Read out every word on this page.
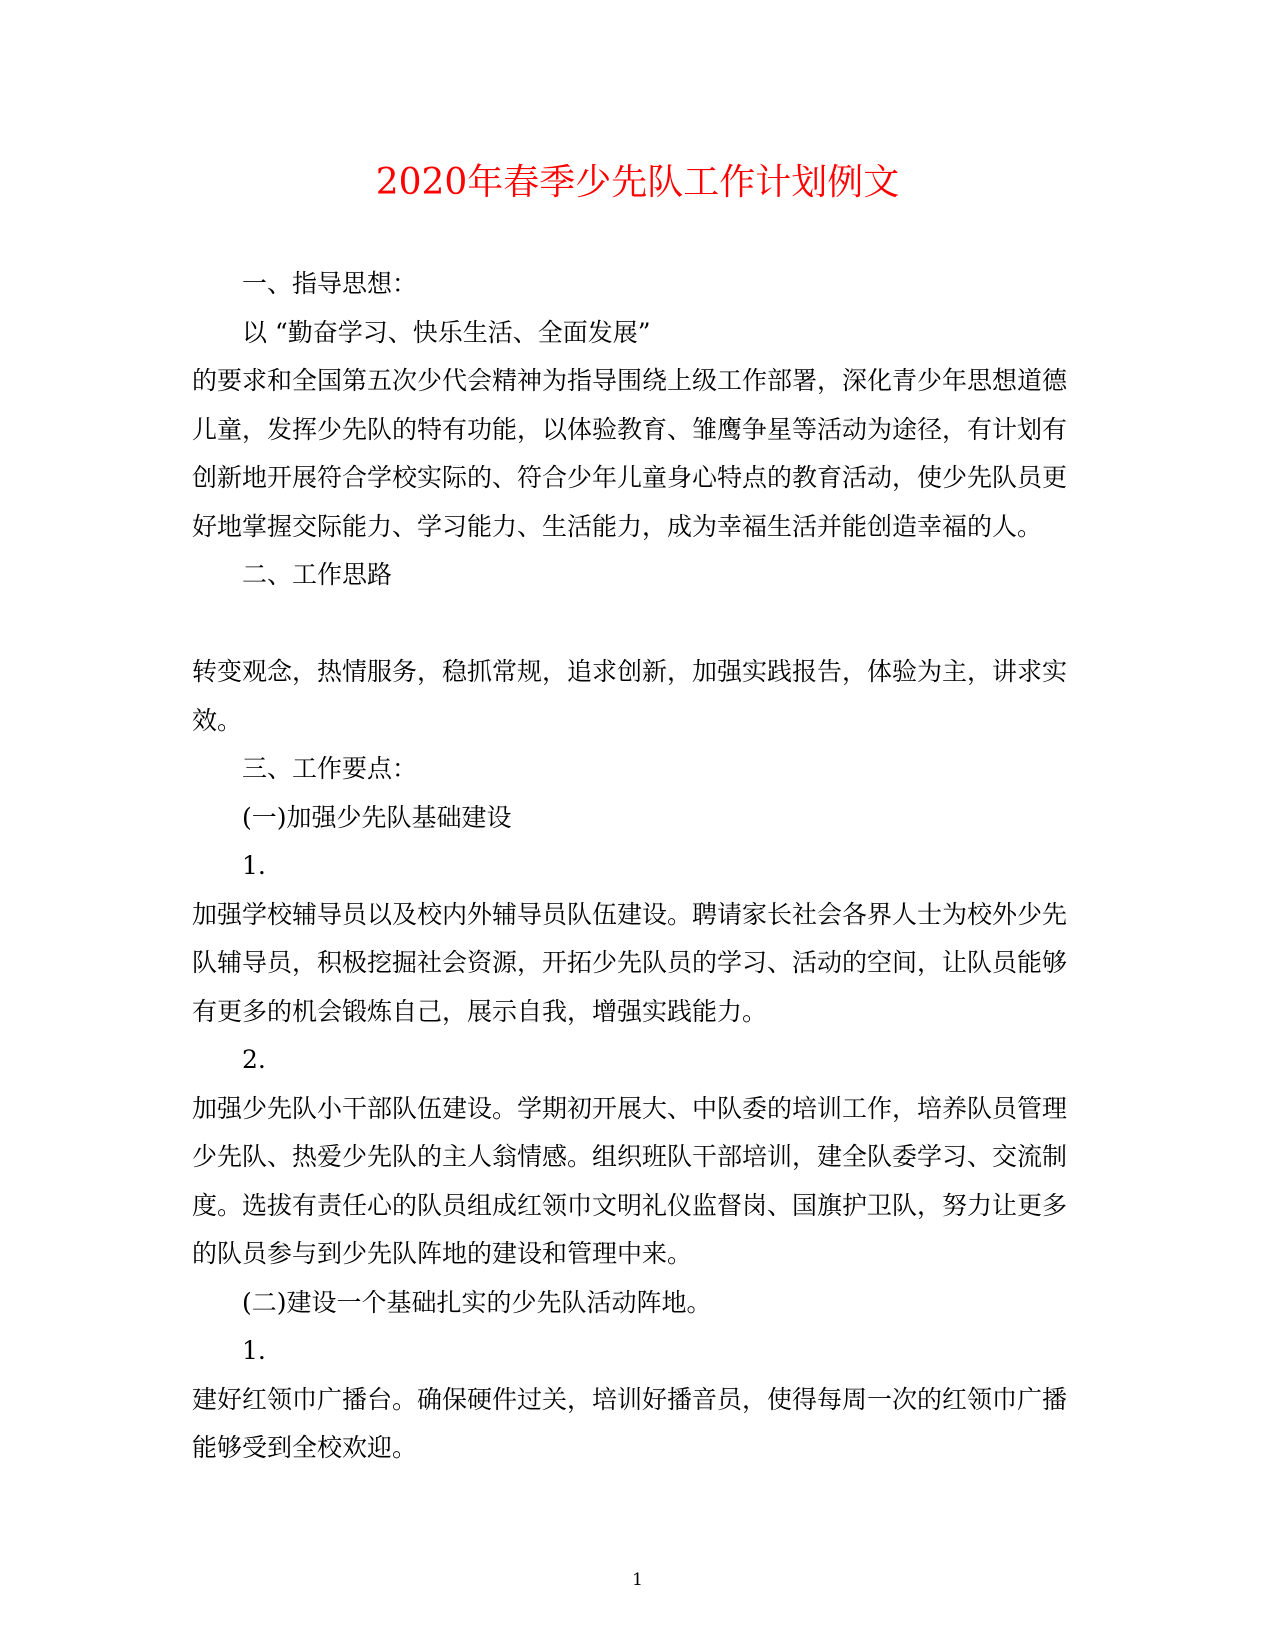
2020年春季少先队工作计划例文

一、指导思想：

以 “勤奋学习、快乐生活、全面发展”

的要求和全国第五次少代会精神为指导围绕上级工作部署，深化青少年思想道德

儿童，发挥少先队的特有功能，以体验教育、雏鹰争星等活动为途径，有计划有

创新地开展符合学校实际的、符合少年儿童身心特点的教育活动，使少先队员更

好地掌握交际能力、学习能力、生活能力，成为幸福生活并能创造幸福的人。

二、工作思路

转变观念，热情服务，稳抓常规，追求创新，加强实践报告，体验为主，讲求实

效。

三、工作要点：

(一)加强少先队基础建设

1.

加强学校辅导员以及校内外辅导员队伍建设。聘请家长社会各界人士为校外少先

队辅导员，积极挖掘社会资源，开拓少先队员的学习、活动的空间，让队员能够

有更多的机会锻炼自己，展示自我，增强实践能力。

2.

加强少先队小干部队伍建设。学期初开展大、中队委的培训工作，培养队员管理

少先队、热爱少先队的主人翁情感。组织班队干部培训，建全队委学习、交流制

度。选拔有责任心的队员组成红领巾文明礼仪监督岗、国旗护卫队，努力让更多

的队员参与到少先队阵地的建设和管理中来。

(二)建设一个基础扎实的少先队活动阵地。

1.

建好红领巾广播台。确保硬件过关，培训好播音员，使得每周一次的红领巾广播

能够受到全校欢迎。

1
